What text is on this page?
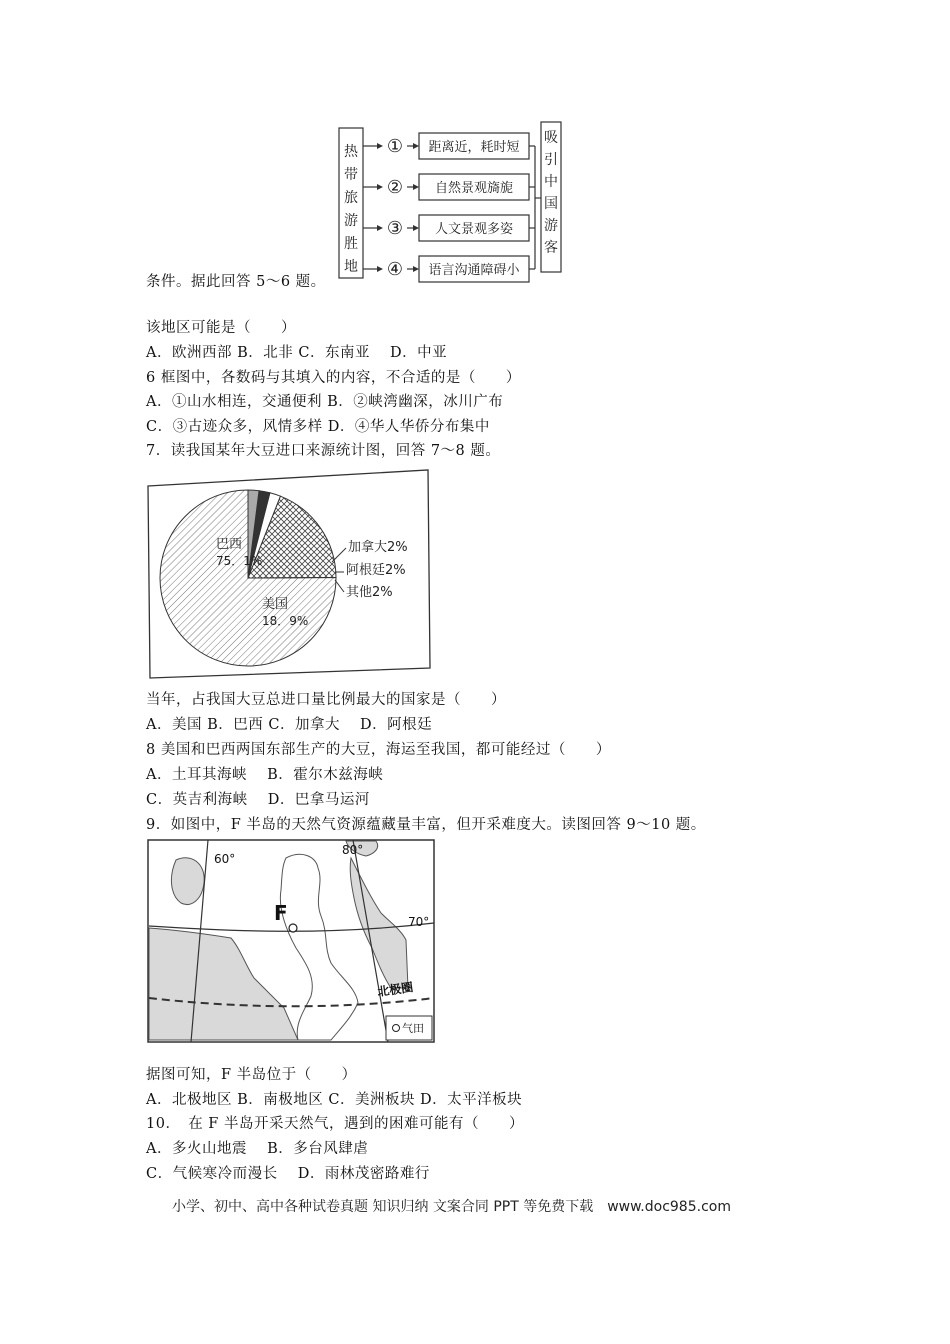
热
带
旅
游
胜
地
吸
引
中
国
游
客
① 距离近，耗时短
② 自然景观旖旎
③ 人文景观多姿
④ 语言沟通障碍小
条件。据此回答 5～6 题。
该地区可能是（　　）
A．欧洲西部 B．北非 C．东南亚　 D．中亚
6 框图中，各数码与其填入的内容，不合适的是（　　）
A．①山水相连，交通便利 B．②峡湾幽深，冰川广布
C．③古迹众多，风情多样 D．④华人华侨分布集中
7．读我国某年大豆进口来源统计图，回答 7～8 题。
巴西
75．1%
美国
18．9%
加拿大2%
阿根廷2%
其他2%
当年，占我国大豆总进口量比例最大的国家是（　　）
A．美国 B．巴西 C．加拿大　 D．阿根廷
8 美国和巴西两国东部生产的大豆，海运至我国，都可能经过（　　）
A．土耳其海峡　 B．霍尔木兹海峡
C．英吉利海峡　 D．巴拿马运河
9．如图中，F 半岛的天然气资源蕴藏量丰富，但开采难度大。读图回答 9～10 题。
F
60°
80°
70°
北极圈
气田
据图可知，F 半岛位于（　　）
A．北极地区 B．南极地区 C．美洲板块 D．太平洋板块
10．　在 F 半岛开采天然气，遇到的困难可能有（　　）
A．多火山地震　 B．多台风肆虐
C．气候寒冷而漫长　 D．雨林茂密路难行
小学、初中、高中各种试卷真题 知识归纳 文案合同 PPT 等免费下载　www.doc985.com
